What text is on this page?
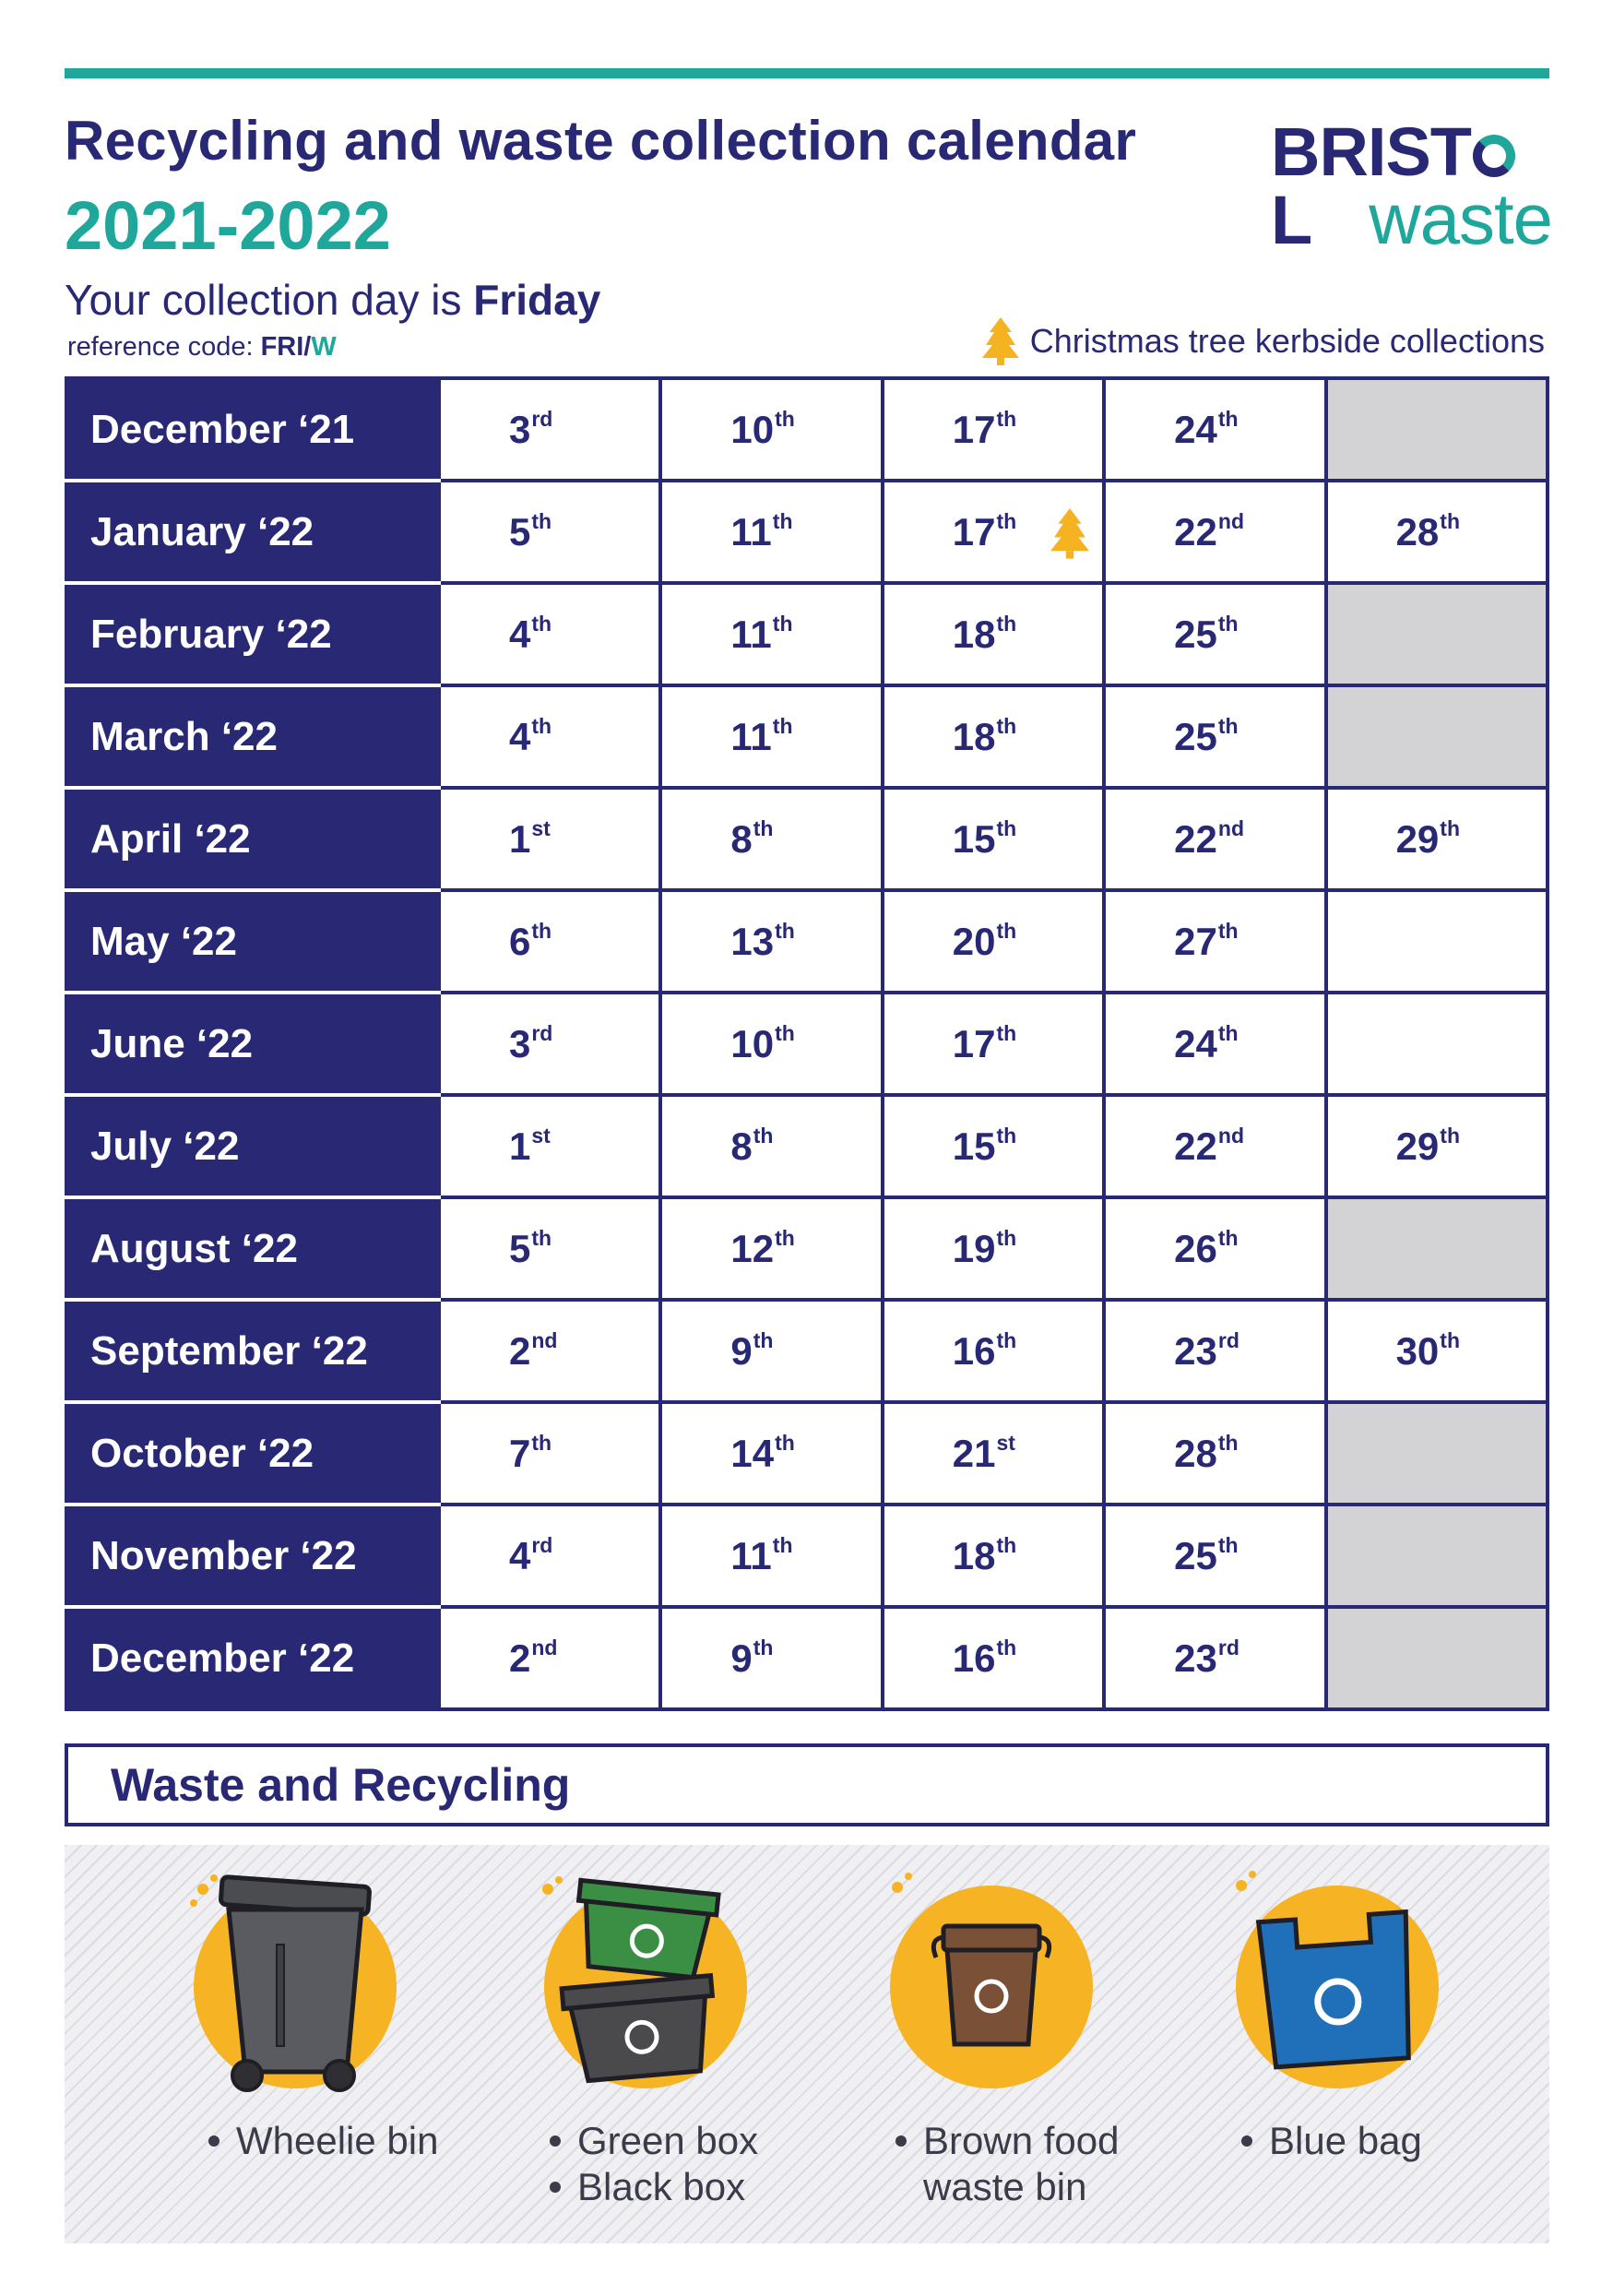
Recycling and waste collection calendar
2021-2022
BRISTL waste
Your collection day is Friday
reference code: FRI/W	Christmas tree kerbside collections
December ‘21	3rd	10th	17th	24th	
January ‘22	5th	11th	17th	22nd	28th
February ‘22	4th	11th	18th	25th	
March ‘22	4th	11th	18th	25th	
April ‘22	1st	8th	15th	22nd	29th
May ‘22	6th	13th	20th	27th	
June ‘22	3rd	10th	17th	24th	
July ‘22	1st	8th	15th	22nd	29th
August ‘22	5th	12th	19th	26th	
September ‘22	2nd	9th	16th	23rd	30th
October ‘22	7th	14th	21st	28th	
November ‘22	4rd	11th	18th	25th	
December ‘22	2nd	9th	16th	23rd	
Waste and Recycling
Wheelie bin	Green box
Black box
Brown food
waste bin
Blue bag
